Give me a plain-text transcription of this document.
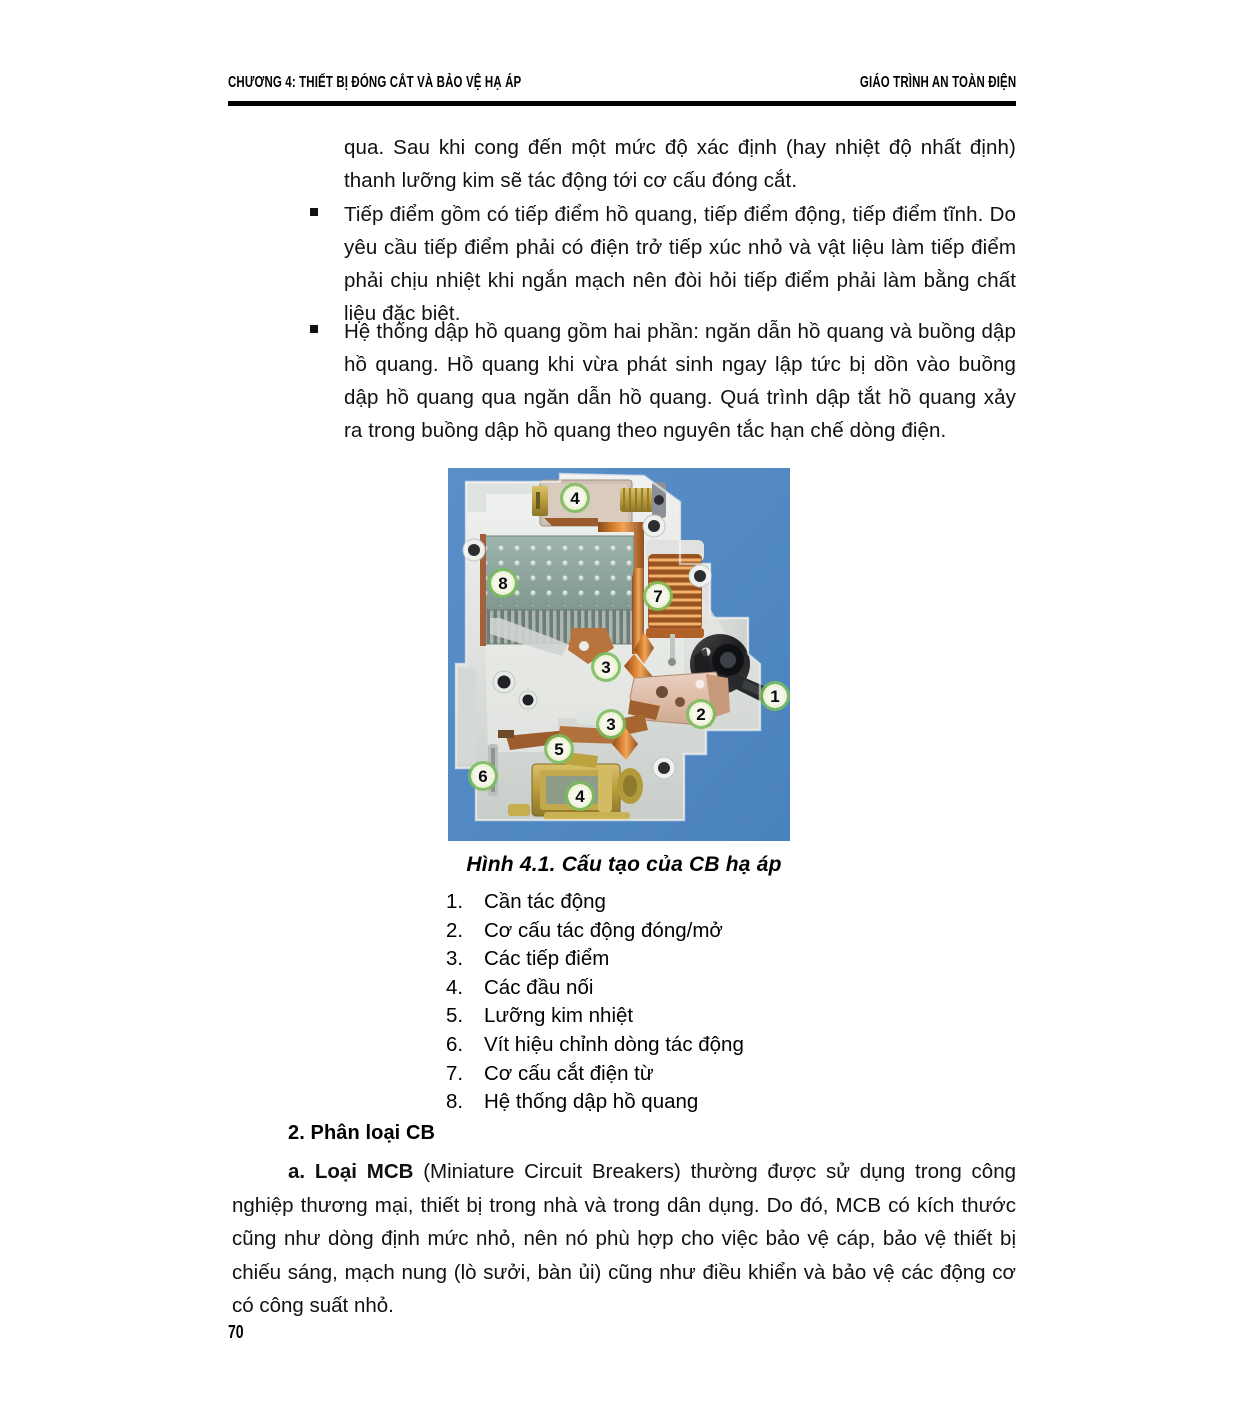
CHƯƠNG 4: THIẾT BỊ ĐÓNG CẮT VÀ BẢO VỆ HẠ ÁP	GIÁO TRÌNH AN TOÀN ĐIỆN
qua. Sau khi cong đến một mức độ xác định (hay nhiệt độ nhất định) thanh lưỡng kim sẽ tác động tới cơ cấu đóng cắt.
Tiếp điểm gồm có tiếp điểm hồ quang, tiếp điểm động, tiếp điểm tĩnh. Do yêu cầu tiếp điểm phải có điện trở tiếp xúc nhỏ và vật liệu làm tiếp điểm phải chịu nhiệt khi ngắn mạch nên đòi hỏi tiếp điểm phải làm bằng chất liệu đặc biệt.
Hệ thống dập hồ quang gồm hai phần: ngăn dẫn hồ quang và buồng dập hồ quang. Hồ quang khi vừa phát sinh ngay lập tức bị dồn vào buồng dập hồ quang qua ngăn dẫn hồ quang. Quá trình dập tắt hồ quang xảy ra trong buồng dập hồ quang theo nguyên tắc hạn chế dòng điện.
4
8
7
3
1
2
3
5
6
4
Hình 4.1. Cấu tạo của CB hạ áp
1.	Cần tác động
2.	Cơ cấu tác động đóng/mở
3.	Các tiếp điểm
4.	Các đầu nối
5.	Lưỡng kim nhiệt
6.	Vít hiệu chỉnh dòng tác động
7.	Cơ cấu cắt điện từ
8.	Hệ thống dập hồ quang
2. Phân loại CB
a. Loại MCB (Miniature Circuit Breakers) thường được sử dụng trong công nghiệp thương mại, thiết bị trong nhà và trong dân dụng. Do đó, MCB có kích thước cũng như dòng định mức nhỏ, nên nó phù hợp cho việc bảo vệ cáp, bảo vệ thiết bị chiếu sáng, mạch nung (lò sưởi, bàn ủi) cũng như điều khiển và bảo vệ các động cơ có công suất nhỏ.
70
